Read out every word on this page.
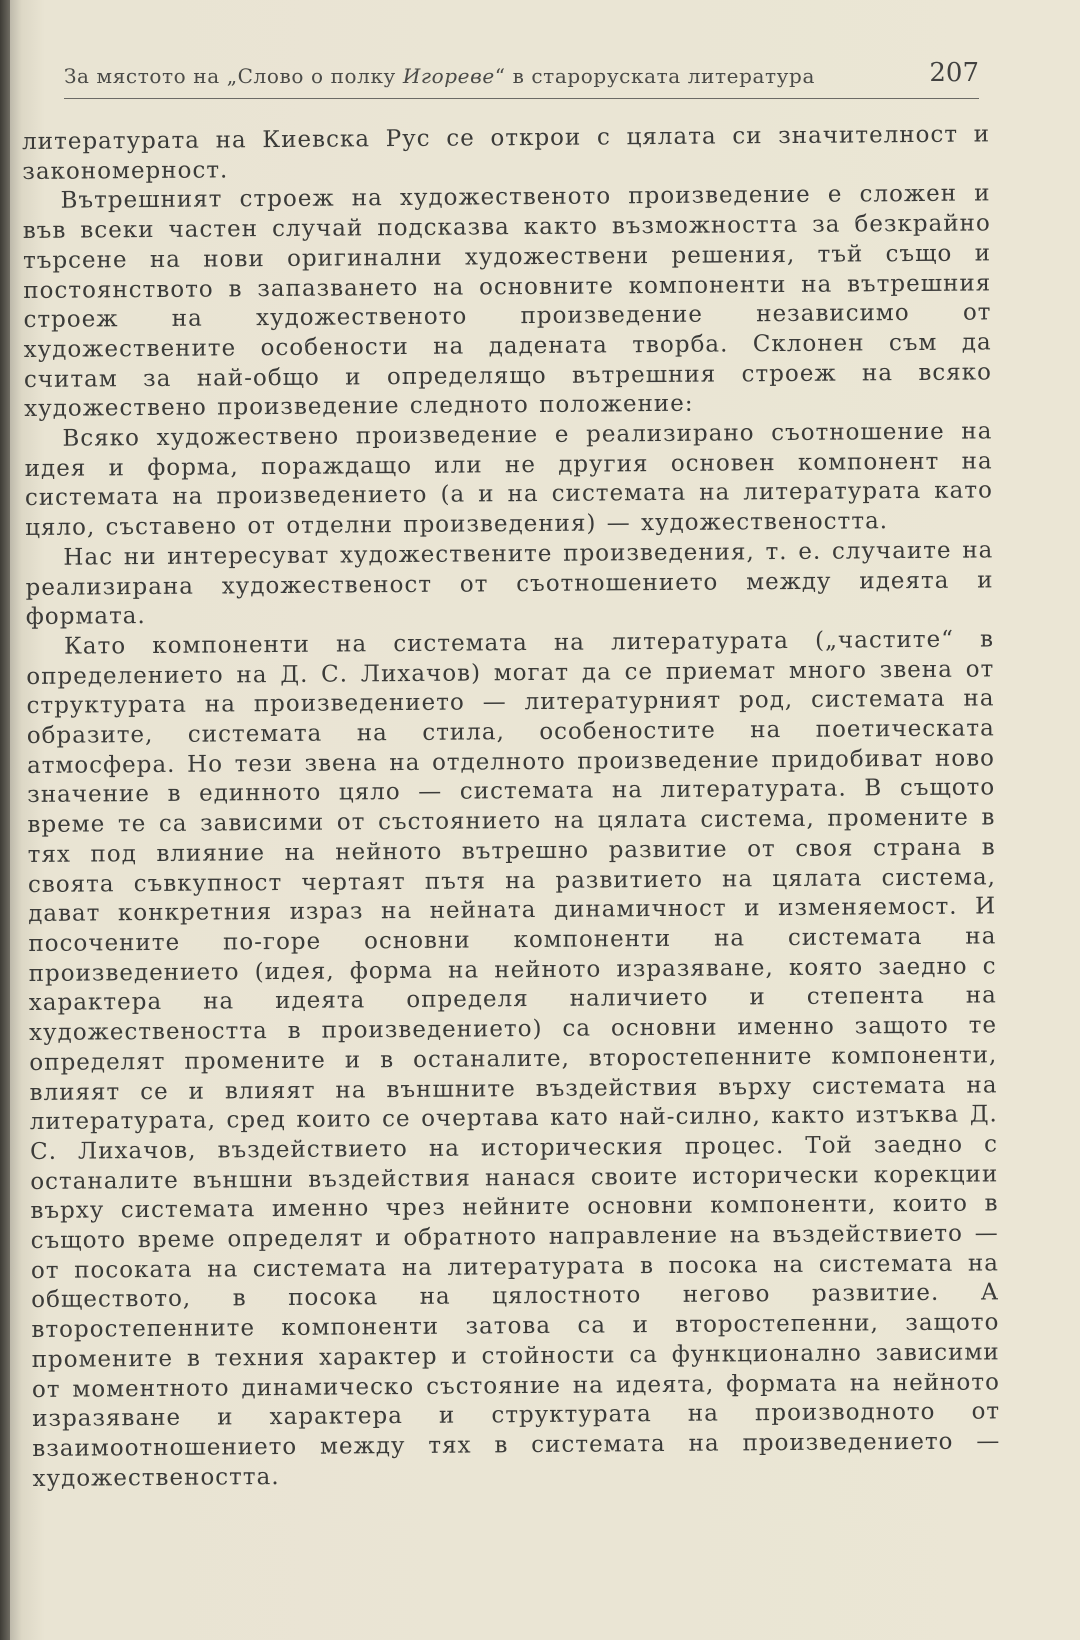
За мястото на „Слово о полку Игореве“ в староруската литература	207

литературата на Киевска Рус се открои с цялата си значителност и закономерност.

Вътрешният строеж на художественото произведение е сложен и във всеки частен случай подсказва както възможността за безкрайно търсене на нови оригинални художествени решения, тъй също и постоянството в запазването на основните компоненти на вътрешния строеж на художественото произведение независимо от художествените особености на дадената творба. Склонен съм да считам за най-общо и определящо вътрешния строеж на всяко художествено произведение следното положение:

Всяко художествено произведение е реализирано съотношение на идея и форма, пораждащо или не другия основен компонент на системата на произведението (а и на системата на литературата като цяло, съставено от отделни произведения) — художествеността.

Нас ни интересуват художествените произведения, т. е. случаите на реализирана художественост от съотношението между идеята и формата.

Като компоненти на системата на литературата („частите“ в определението на Д. С. Лихачов) могат да се приемат много звена от структурата на произведението — литературният род, системата на образите, системата на стила, особеностите на поетическата атмосфера. Но тези звена на отделното произведение придобиват ново значение в единното цяло — системата на литературата. В същото време те са зависими от състоянието на цялата система, промените в тях под влияние на нейното вътрешно развитие от своя страна в своята съвкупност чертаят пътя на развитието на цялата система, дават конкретния израз на нейната динамичност и изменяемост. И посочените по-горе основни компоненти на системата на произведението (идея, форма на нейното изразяване, която заедно с характера на идеята определя наличието и степента на художествеността в произведението) са основни именно защото те определят промените и в останалите, второстепенните компоненти, влияят се и влияят на външните въздействия върху системата на литературата, сред които се очертава като най-силно, както изтъква Д. С. Лихачов, въздействието на историческия процес. Той заедно с останалите външни въздействия нанася своите исторически корекции върху системата именно чрез нейните основни компоненти, които в същото време определят и обратното направление на въздействието — от посоката на системата на литературата в посока на системата на обществото, в посока на цялостното негово развитие. А второстепенните компоненти затова са и второстепенни, защото промените в техния характер и стойности са функционално зависими от моментното динамическо състояние на идеята, формата на нейното изразяване и характера и структурата на производното от взаимоотношението между тях в системата на произведението — художествеността.
